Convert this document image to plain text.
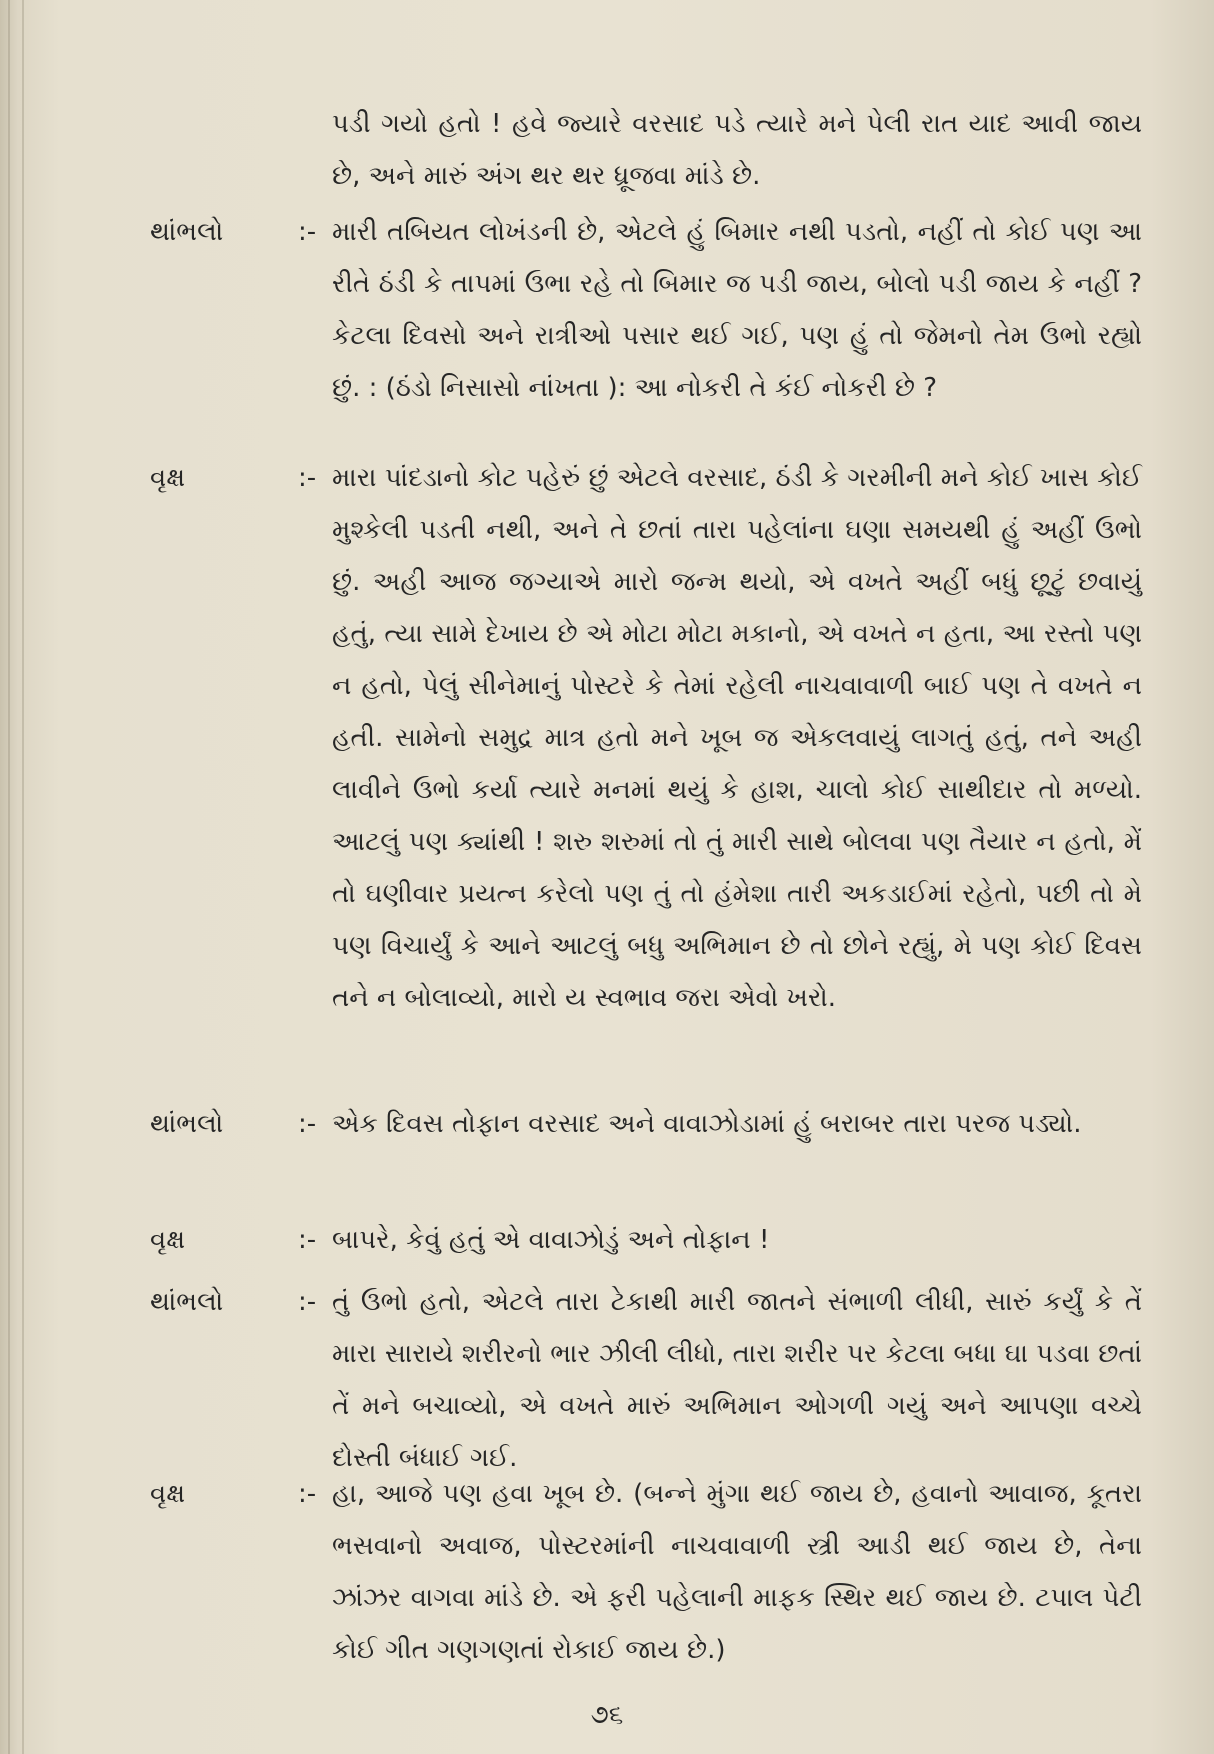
પડી ગયો હતો ! હવે જ્યારે વરસાદ પડે ત્યારે મને પેલી રાત યાદ આવી જાય છે, અને મારું અંગ થર થર ધ્રૂજવા માંડે છે.
થાંભલો	:- મારી તબિયત લોખંડની છે, એટલે હું બિમાર નથી પડતો, નહીં તો કોઈ પણ આ રીતે ઠંડી કે તાપમાં ઉભા રહે તો બિમાર જ પડી જાય, બોલો પડી જાય કે નહીં ? કેટલા દિવસો અને રાત્રીઓ પસાર થઈ ગઈ, પણ હું તો જેમનો તેમ ઉભો રહ્યો છું. : (ઠંડો નિસાસો નાંખતા ): આ નોકરી તે કંઈ નોકરી છે ?
વૃક્ષ	:- મારા પાંદડાનો કોટ પહેરું છું એટલે વરસાદ, ઠંડી કે ગરમીની મને કોઈ ખાસ કોઈ મુશ્કેલી પડતી નથી, અને તે છતાં તારા પહેલાંના ઘણા સમયથી હું અહીં ઉભો છું. અહી આજ જગ્યાએ મારો જન્મ થયો, એ વખતે અહીં બધું છૂટું છવાયું હતું, ત્યા સામે દેખાય છે એ મોટા મોટા મકાનો, એ વખતે ન હતા, આ રસ્તો પણ ન હતો, પેલું સીનેમાનું પોસ્ટરે કે તેમાં રહેલી નાચવાવાળી બાઈ પણ તે વખતે ન હતી. સામેનો સમુદ્ર માત્ર હતો મને ખૂબ જ એકલવાયું લાગતું હતું, તને અહી લાવીને ઉભો કર્યા ત્યારે મનમાં થયું કે હાશ, ચાલો કોઈ સાથીદાર તો મળ્યો. આટલું પણ ક્યાંથી ! શરુ શરુમાં તો તું મારી સાથે બોલવા પણ તૈયાર ન હતો, મેં તો ઘણીવાર પ્રયત્ન કરેલો પણ તું તો હંમેશા તારી અકડાઈમાં રહેતો, પછી તો મે પણ વિચાર્યું કે આને આટલું બધુ અભિમાન છે તો છોને રહ્યું, મે પણ કોઈ દિવસ તને ન બોલાવ્યો, મારો ય સ્વભાવ જરા એવો ખરો.
થાંભલો	:- એક દિવસ તોફાન વરસાદ અને વાવાઝોડામાં હું બરાબર તારા પરજ પડ્યો.
વૃક્ષ	:- બાપરે, કેવું હતું એ વાવાઝોડું અને તોફાન !
થાંભલો	:- તું ઉભો હતો, એટલે તારા ટેકાથી મારી જાતને સંભાળી લીધી, સારું કર્યું કે તેં મારા સારાયે શરીરનો ભાર ઝીલી લીધો, તારા શરીર પર કેટલા બધા ઘા પડવા છતાં તેં મને બચાવ્યો, એ વખતે મારું અભિમાન ઓગળી ગયું અને આપણા વચ્ચે દોસ્તી બંધાઈ ગઈ.
વૃક્ષ	:- હા, આજે પણ હવા ખૂબ છે. (બન્ને મુંગા થઈ જાય છે, હવાનો આવાજ, કૂતરા ભસવાનો અવાજ, પોસ્ટરમાંની નાચવાવાળી સ્ત્રી આડી થઈ જાય છે, તેના ઝાંઝર વાગવા માંડે છે. એ ફરી પહેલાની માફક સ્થિર થઈ જાય છે. ટપાલ પેટી કોઈ ગીત ગણગણતાં રોકાઈ જાય છે.)
૭૬
